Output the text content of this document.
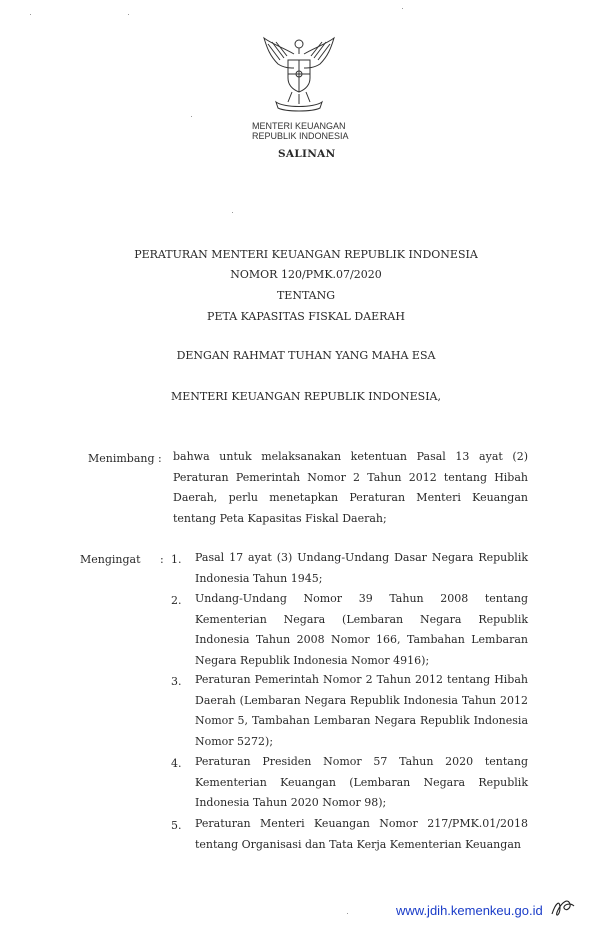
MENTERI KEUANGAN
REPUBLIK INDONESIA
SALINAN
PERATURAN MENTERI KEUANGAN REPUBLIK INDONESIA
NOMOR 120/PMK.07/2020
TENTANG
PETA KAPASITAS FISKAL DAERAH
DENGAN RAHMAT TUHAN YANG MAHA ESA
MENTERI KEUANGAN REPUBLIK INDONESIA,
Menimbang : bahwa untuk melaksanakan ketentuan Pasal 13 ayat (2) Peraturan Pemerintah Nomor 2 Tahun 2012 tentang Hibah Daerah, perlu menetapkan Peraturan Menteri Keuangan tentang Peta Kapasitas Fiskal Daerah;
Mengingat : 1. Pasal 17 ayat (3) Undang-Undang Dasar Negara Republik Indonesia Tahun 1945;
2. Undang-Undang Nomor 39 Tahun 2008 tentang Kementerian Negara (Lembaran Negara Republik Indonesia Tahun 2008 Nomor 166, Tambahan Lembaran Negara Republik Indonesia Nomor 4916);
3. Peraturan Pemerintah Nomor 2 Tahun 2012 tentang Hibah Daerah (Lembaran Negara Republik Indonesia Tahun 2012 Nomor 5, Tambahan Lembaran Negara Republik Indonesia Nomor 5272);
4. Peraturan Presiden Nomor 57 Tahun 2020 tentang Kementerian Keuangan (Lembaran Negara Republik Indonesia Tahun 2020 Nomor 98);
5. Peraturan Menteri Keuangan Nomor 217/PMK.01/2018 tentang Organisasi dan Tata Kerja Kementerian Keuangan
www.jdih.kemenkeu.go.id
